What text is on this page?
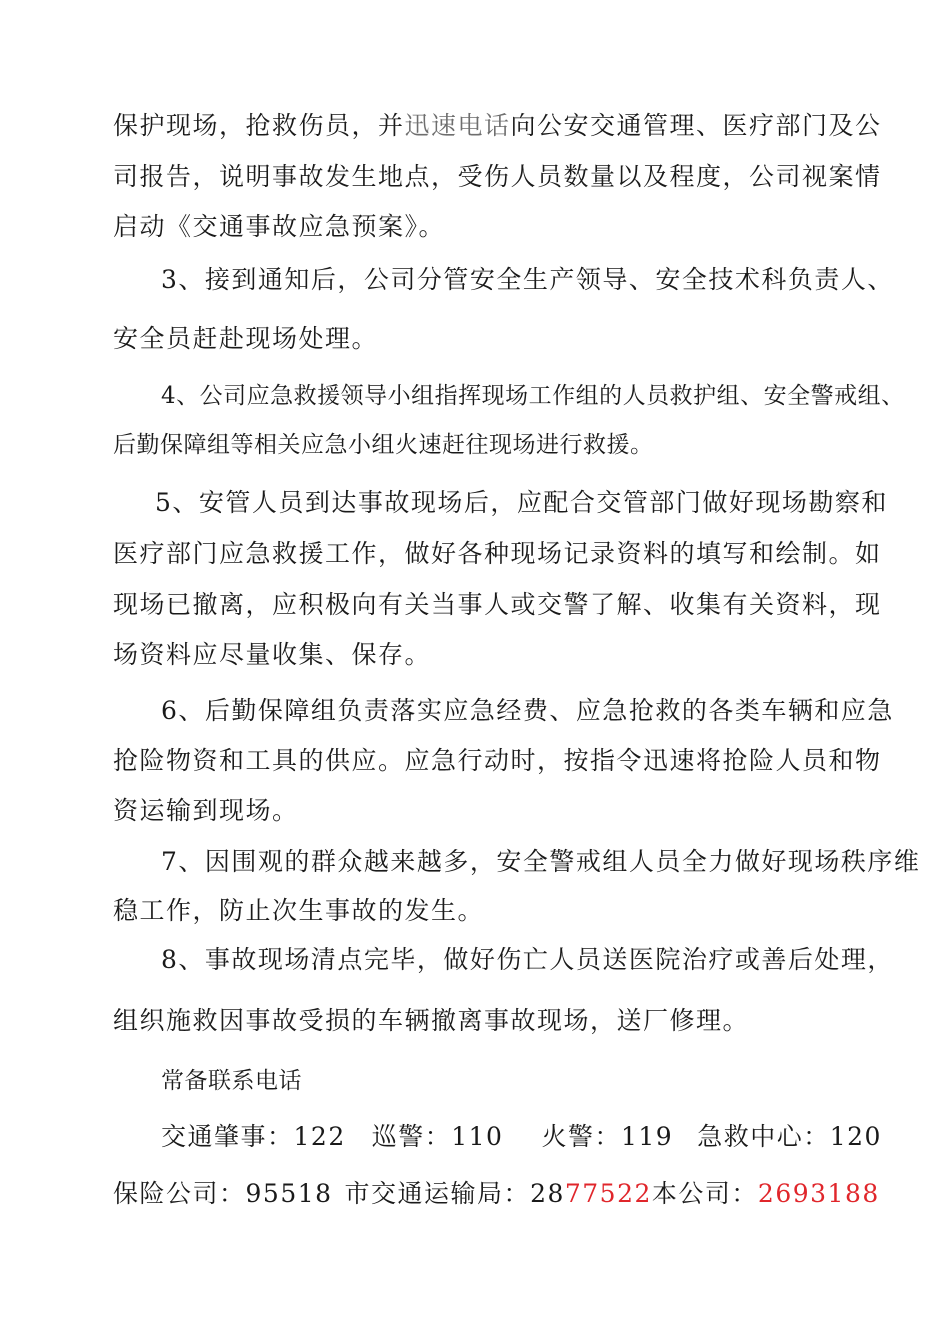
保护现场，抢救伤员，并迅速电话向公安交通管理、医疗部门及公
司报告，说明事故发生地点，受伤人员数量以及程度，公司视案情
启动《交通事故应急预案》。
3、接到通知后，公司分管安全生产领导、安全技术科负责人、
安全员赶赴现场处理。
4、公司应急救援领导小组指挥现场工作组的人员救护组、安全警戒组、
后勤保障组等相关应急小组火速赶往现场进行救援。
5、安管人员到达事故现场后，应配合交管部门做好现场勘察和
医疗部门应急救援工作，做好各种现场记录资料的填写和绘制。如
现场已撤离，应积极向有关当事人或交警了解、收集有关资料，现
场资料应尽量收集、保存。
6、后勤保障组负责落实应急经费、应急抢救的各类车辆和应急
抢险物资和工具的供应。应急行动时，按指令迅速将抢险人员和物
资运输到现场。
7、因围观的群众越来越多，安全警戒组人员全力做好现场秩序维
稳工作，防止次生事故的发生。
8、事故现场清点完毕，做好伤亡人员送医院治疗或善后处理，
组织施救因事故受损的车辆撤离事故现场，送厂修理。
常备联系电话
交通肇事：122 巡警：110 火警：119 急救中心：120
保险公司：95518 市交通运输局：2877522本公司：2693188
